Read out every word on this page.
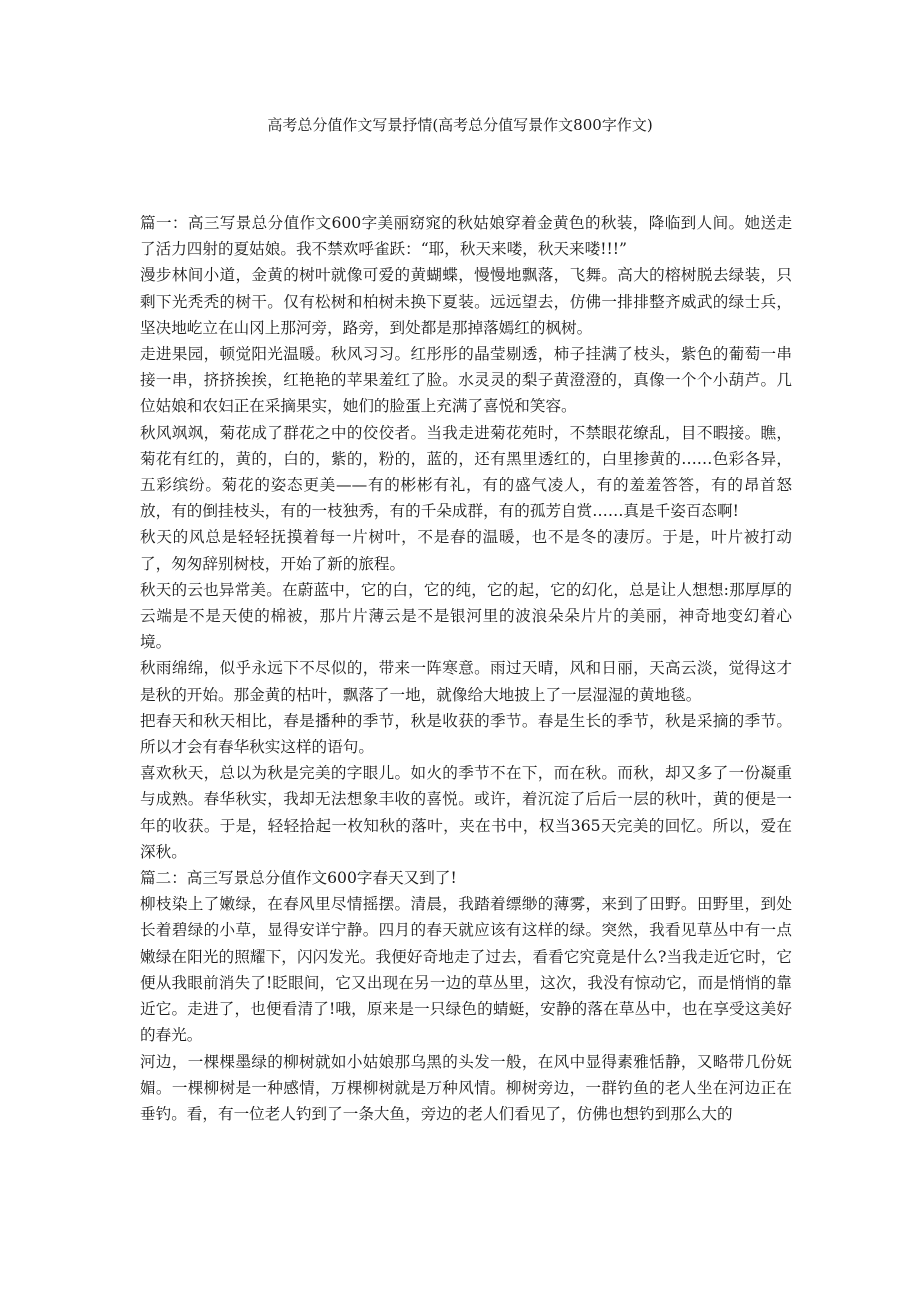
高考总分值作文写景抒情(高考总分值写景作文800字作文)

篇一：高三写景总分值作文600字美丽窈窕的秋姑娘穿着金黄色的秋装，降临到人间。她送走了活力四射的夏姑娘。我不禁欢呼雀跃：“耶，秋天来喽，秋天来喽!!!”

漫步林间小道，金黄的树叶就像可爱的黄蝴蝶，慢慢地飘落，飞舞。高大的榕树脱去绿装，只剩下光秃秃的树干。仅有松树和柏树未换下夏装。远远望去，仿佛一排排整齐威武的绿士兵，坚决地屹立在山冈上那河旁，路旁，到处都是那掉落嫣红的枫树。

走进果园，顿觉阳光温暖。秋风习习。红彤彤的晶莹剔透，柿子挂满了枝头，紫色的葡萄一串接一串，挤挤挨挨，红艳艳的苹果羞红了脸。水灵灵的梨子黄澄澄的，真像一个个小葫芦。几位姑娘和农妇正在采摘果实，她们的脸蛋上充满了喜悦和笑容。

秋风飒飒，菊花成了群花之中的佼佼者。当我走进菊花苑时，不禁眼花缭乱，目不暇接。瞧，菊花有红的，黄的，白的，紫的，粉的，蓝的，还有黑里透红的，白里掺黄的……色彩各异，五彩缤纷。菊花的姿态更美——有的彬彬有礼，有的盛气凌人，有的羞羞答答，有的昂首怒放，有的倒挂枝头，有的一枝独秀，有的千朵成群，有的孤芳自赏……真是千姿百态啊!

秋天的风总是轻轻抚摸着每一片树叶，不是春的温暖，也不是冬的凄厉。于是，叶片被打动了，匆匆辞别树枝，开始了新的旅程。

秋天的云也异常美。在蔚蓝中，它的白，它的纯，它的起，它的幻化，总是让人想想:那厚厚的云端是不是天使的棉被，那片片薄云是不是银河里的波浪朵朵片片的美丽，神奇地变幻着心境。

秋雨绵绵，似乎永远下不尽似的，带来一阵寒意。雨过天晴，风和日丽，天高云淡，觉得这才是秋的开始。那金黄的枯叶，飘落了一地，就像给大地披上了一层湿湿的黄地毯。

把春天和秋天相比，春是播种的季节，秋是收获的季节。春是生长的季节，秋是采摘的季节。所以才会有春华秋实这样的语句。

喜欢秋天，总以为秋是完美的字眼儿。如火的季节不在下，而在秋。而秋，却又多了一份凝重与成熟。春华秋实，我却无法想象丰收的喜悦。或许，着沉淀了后后一层的秋叶，黄的便是一年的收获。于是，轻轻拾起一枚知秋的落叶，夹在书中，权当365天完美的回忆。所以，爱在深秋。

篇二：高三写景总分值作文600字春天又到了!

柳枝染上了嫩绿，在春风里尽情摇摆。清晨，我踏着缥缈的薄雾，来到了田野。田野里，到处长着碧绿的小草，显得安详宁静。四月的春天就应该有这样的绿。突然，我看见草丛中有一点嫩绿在阳光的照耀下，闪闪发光。我便好奇地走了过去，看看它究竟是什么?当我走近它时，它便从我眼前消失了!眨眼间，它又出现在另一边的草丛里，这次，我没有惊动它，而是悄悄的靠近它。走进了，也便看清了!哦，原来是一只绿色的蜻蜓，安静的落在草丛中，也在享受这美好的春光。

河边，一棵棵墨绿的柳树就如小姑娘那乌黑的头发一般，在风中显得素雅恬静，又略带几份妩媚。一棵柳树是一种感情，万棵柳树就是万种风情。柳树旁边，一群钓鱼的老人坐在河边正在垂钓。看，有一位老人钓到了一条大鱼，旁边的老人们看见了，仿佛也想钓到那么大的
